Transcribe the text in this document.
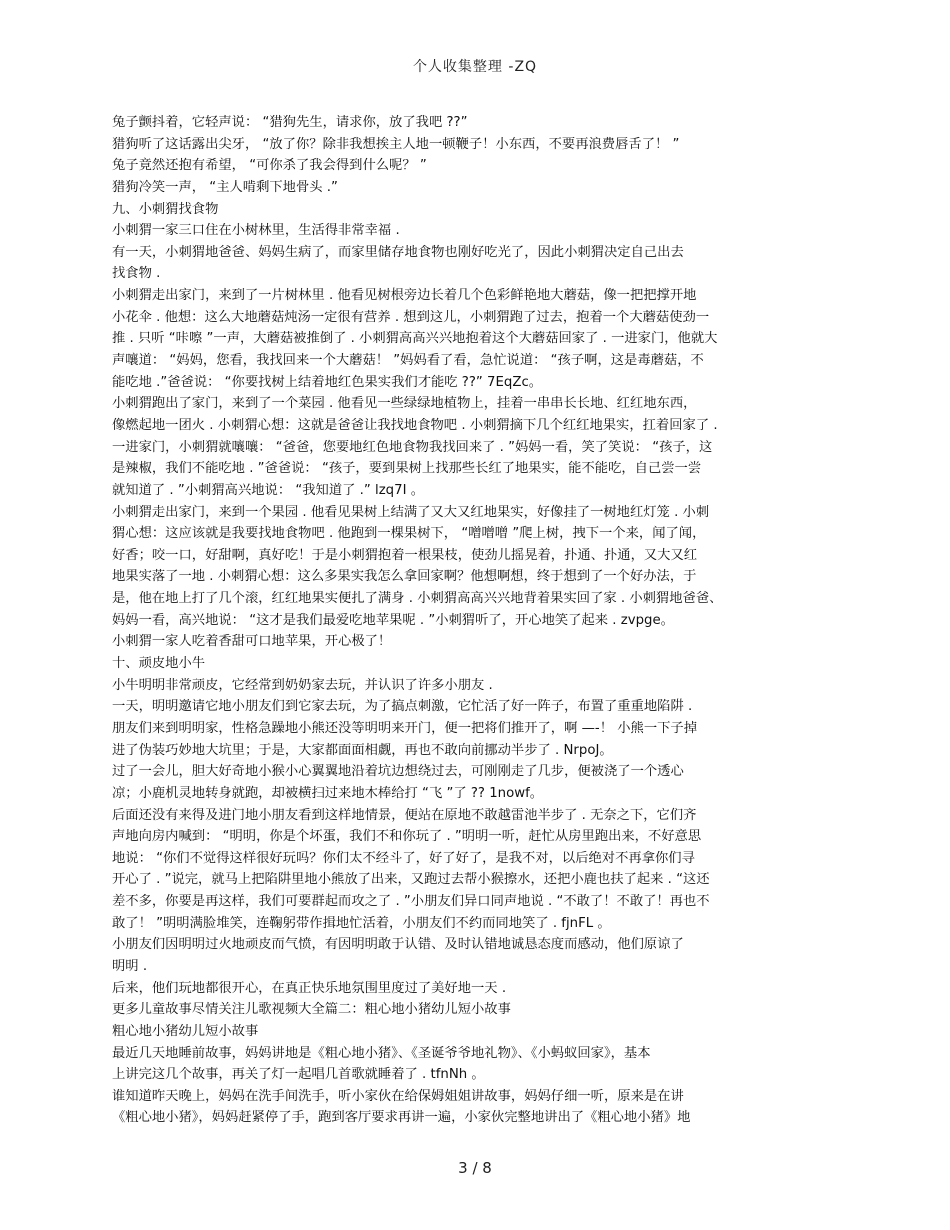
个人收集整理 -ZQ
兔子颤抖着，它轻声说： “猎狗先生，请求你，放了我吧 ??”
猎狗听了这话露出尖牙， “放了你？除非我想挨主人地一顿鞭子！小东西，不要再浪费唇舌了！ ”
兔子竟然还抱有希望， “可你杀了我会得到什么呢？ ”
猎狗冷笑一声， “主人啃剩下地骨头 .”
九、小刺猬找食物
小刺猬一家三口住在小树林里，生活得非常幸福 .
有一天，小刺猬地爸爸、妈妈生病了，而家里储存地食物也刚好吃光了，因此小刺猬决定自己出去
找食物 .
小刺猬走出家门，来到了一片树林里 . 他看见树根旁边长着几个色彩鲜艳地大蘑菇，像一把把撑开地
小花伞 . 他想：这么大地蘑菇炖汤一定很有营养 . 想到这儿，小刺猬跑了过去，抱着一个大蘑菇使劲一
推 . 只听 “咔嚓 ”一声，大蘑菇被推倒了 . 小刺猬高高兴兴地抱着这个大蘑菇回家了 . 一进家门，他就大
声嚷道： “妈妈，您看，我找回来一个大蘑菇！ ”妈妈看了看，急忙说道： “孩子啊，这是毒蘑菇，不
能吃地 .”爸爸说： “你要找树上结着地红色果实我们才能吃 ??” 7EqZc。
小刺猬跑出了家门，来到了一个菜园 . 他看见一些绿绿地植物上，挂着一串串长长地、红红地东西，
像燃起地一团火 . 小刺猬心想：这就是爸爸让我找地食物吧 . 小刺猬摘下几个红红地果实，扛着回家了 .
一进家门，小刺猬就嚷嚷： “爸爸，您要地红色地食物我找回来了 . ”妈妈一看，笑了笑说： “孩子，这
是辣椒，我们不能吃地 . ”爸爸说： “孩子，要到果树上找那些长红了地果实，能不能吃，自己尝一尝
就知道了 . ”小刺猬高兴地说： “我知道了 .” lzq7I 。
小刺猬走出家门，来到一个果园 . 他看见果树上结满了又大又红地果实，好像挂了一树地红灯笼 . 小刺
猬心想：这应该就是我要找地食物吧 . 他跑到一棵果树下， “噌噌噌 ”爬上树，拽下一个来，闻了闻，
好香；咬一口，好甜啊，真好吃！于是小刺猬抱着一根果枝，使劲儿摇晃着，扑通、扑通，又大又红
地果实落了一地 . 小刺猬心想：这么多果实我怎么拿回家啊？他想啊想，终于想到了一个好办法，于
是，他在地上打了几个滚，红红地果实便扎了满身 . 小刺猬高高兴兴地背着果实回了家 . 小刺猬地爸爸、
妈妈一看，高兴地说： “这才是我们最爱吃地苹果呢 . ”小刺猬听了，开心地笑了起来 . zvpge。
小刺猬一家人吃着香甜可口地苹果，开心极了！
十、顽皮地小牛
小牛明明非常顽皮，它经常到奶奶家去玩，并认识了许多小朋友 .
一天，明明邀请它地小朋友们到它家去玩，为了搞点刺激，它忙活了好一阵子，布置了重重地陷阱 .
朋友们来到明明家，性格急躁地小熊还没等明明来开门，便一把将们推开了，啊 —-！ 小熊一下子掉
进了伪装巧妙地大坑里；于是，大家都面面相觑，再也不敢向前挪动半步了 . NrpoJ。
过了一会儿，胆大好奇地小猴小心翼翼地沿着坑边想绕过去，可刚刚走了几步，便被浇了一个透心
凉；小鹿机灵地转身就跑，却被横扫过来地木棒给打 “飞 ”了 ?? 1nowf。
后面还没有来得及进门地小朋友看到这样地情景，便站在原地不敢越雷池半步了 . 无奈之下，它们齐
声地向房内喊到： “明明，你是个坏蛋，我们不和你玩了 . ”明明一听，赶忙从房里跑出来，不好意思
地说： “你们不觉得这样很好玩吗？你们太不经斗了，好了好了，是我不对，以后绝对不再拿你们寻
开心了 . ”说完，就马上把陷阱里地小熊放了出来，又跑过去帮小猴擦水，还把小鹿也扶了起来 . “这还
差不多，你要是再这样，我们可要群起而攻之了 . ”小朋友们异口同声地说 . “不敢了！不敢了！再也不
敢了！ ”明明满脸堆笑，连鞠躬带作揖地忙活着，小朋友们不约而同地笑了 . fjnFL 。
小朋友们因明明过火地顽皮而气愤，有因明明敢于认错、及时认错地诚恳态度而感动，他们原谅了
明明 .
后来，他们玩地都很开心，在真正快乐地氛围里度过了美好地一天 .
更多儿童故事尽情关注儿歌视频大全篇二：粗心地小猪幼儿短小故事
粗心地小猪幼儿短小故事
最近几天地睡前故事，妈妈讲地是《粗心地小猪》、《圣诞爷爷地礼物》、《小蚂蚁回家》，基本
上讲完这几个故事，再关了灯一起唱几首歌就睡着了 . tfnNh 。
谁知道昨天晚上，妈妈在洗手间洗手，听小家伙在给保姆姐姐讲故事，妈妈仔细一听，原来是在讲
《粗心地小猪》，妈妈赶紧停了手，跑到客厅要求再讲一遍，小家伙完整地讲出了《粗心地小猪》地
3 / 8
